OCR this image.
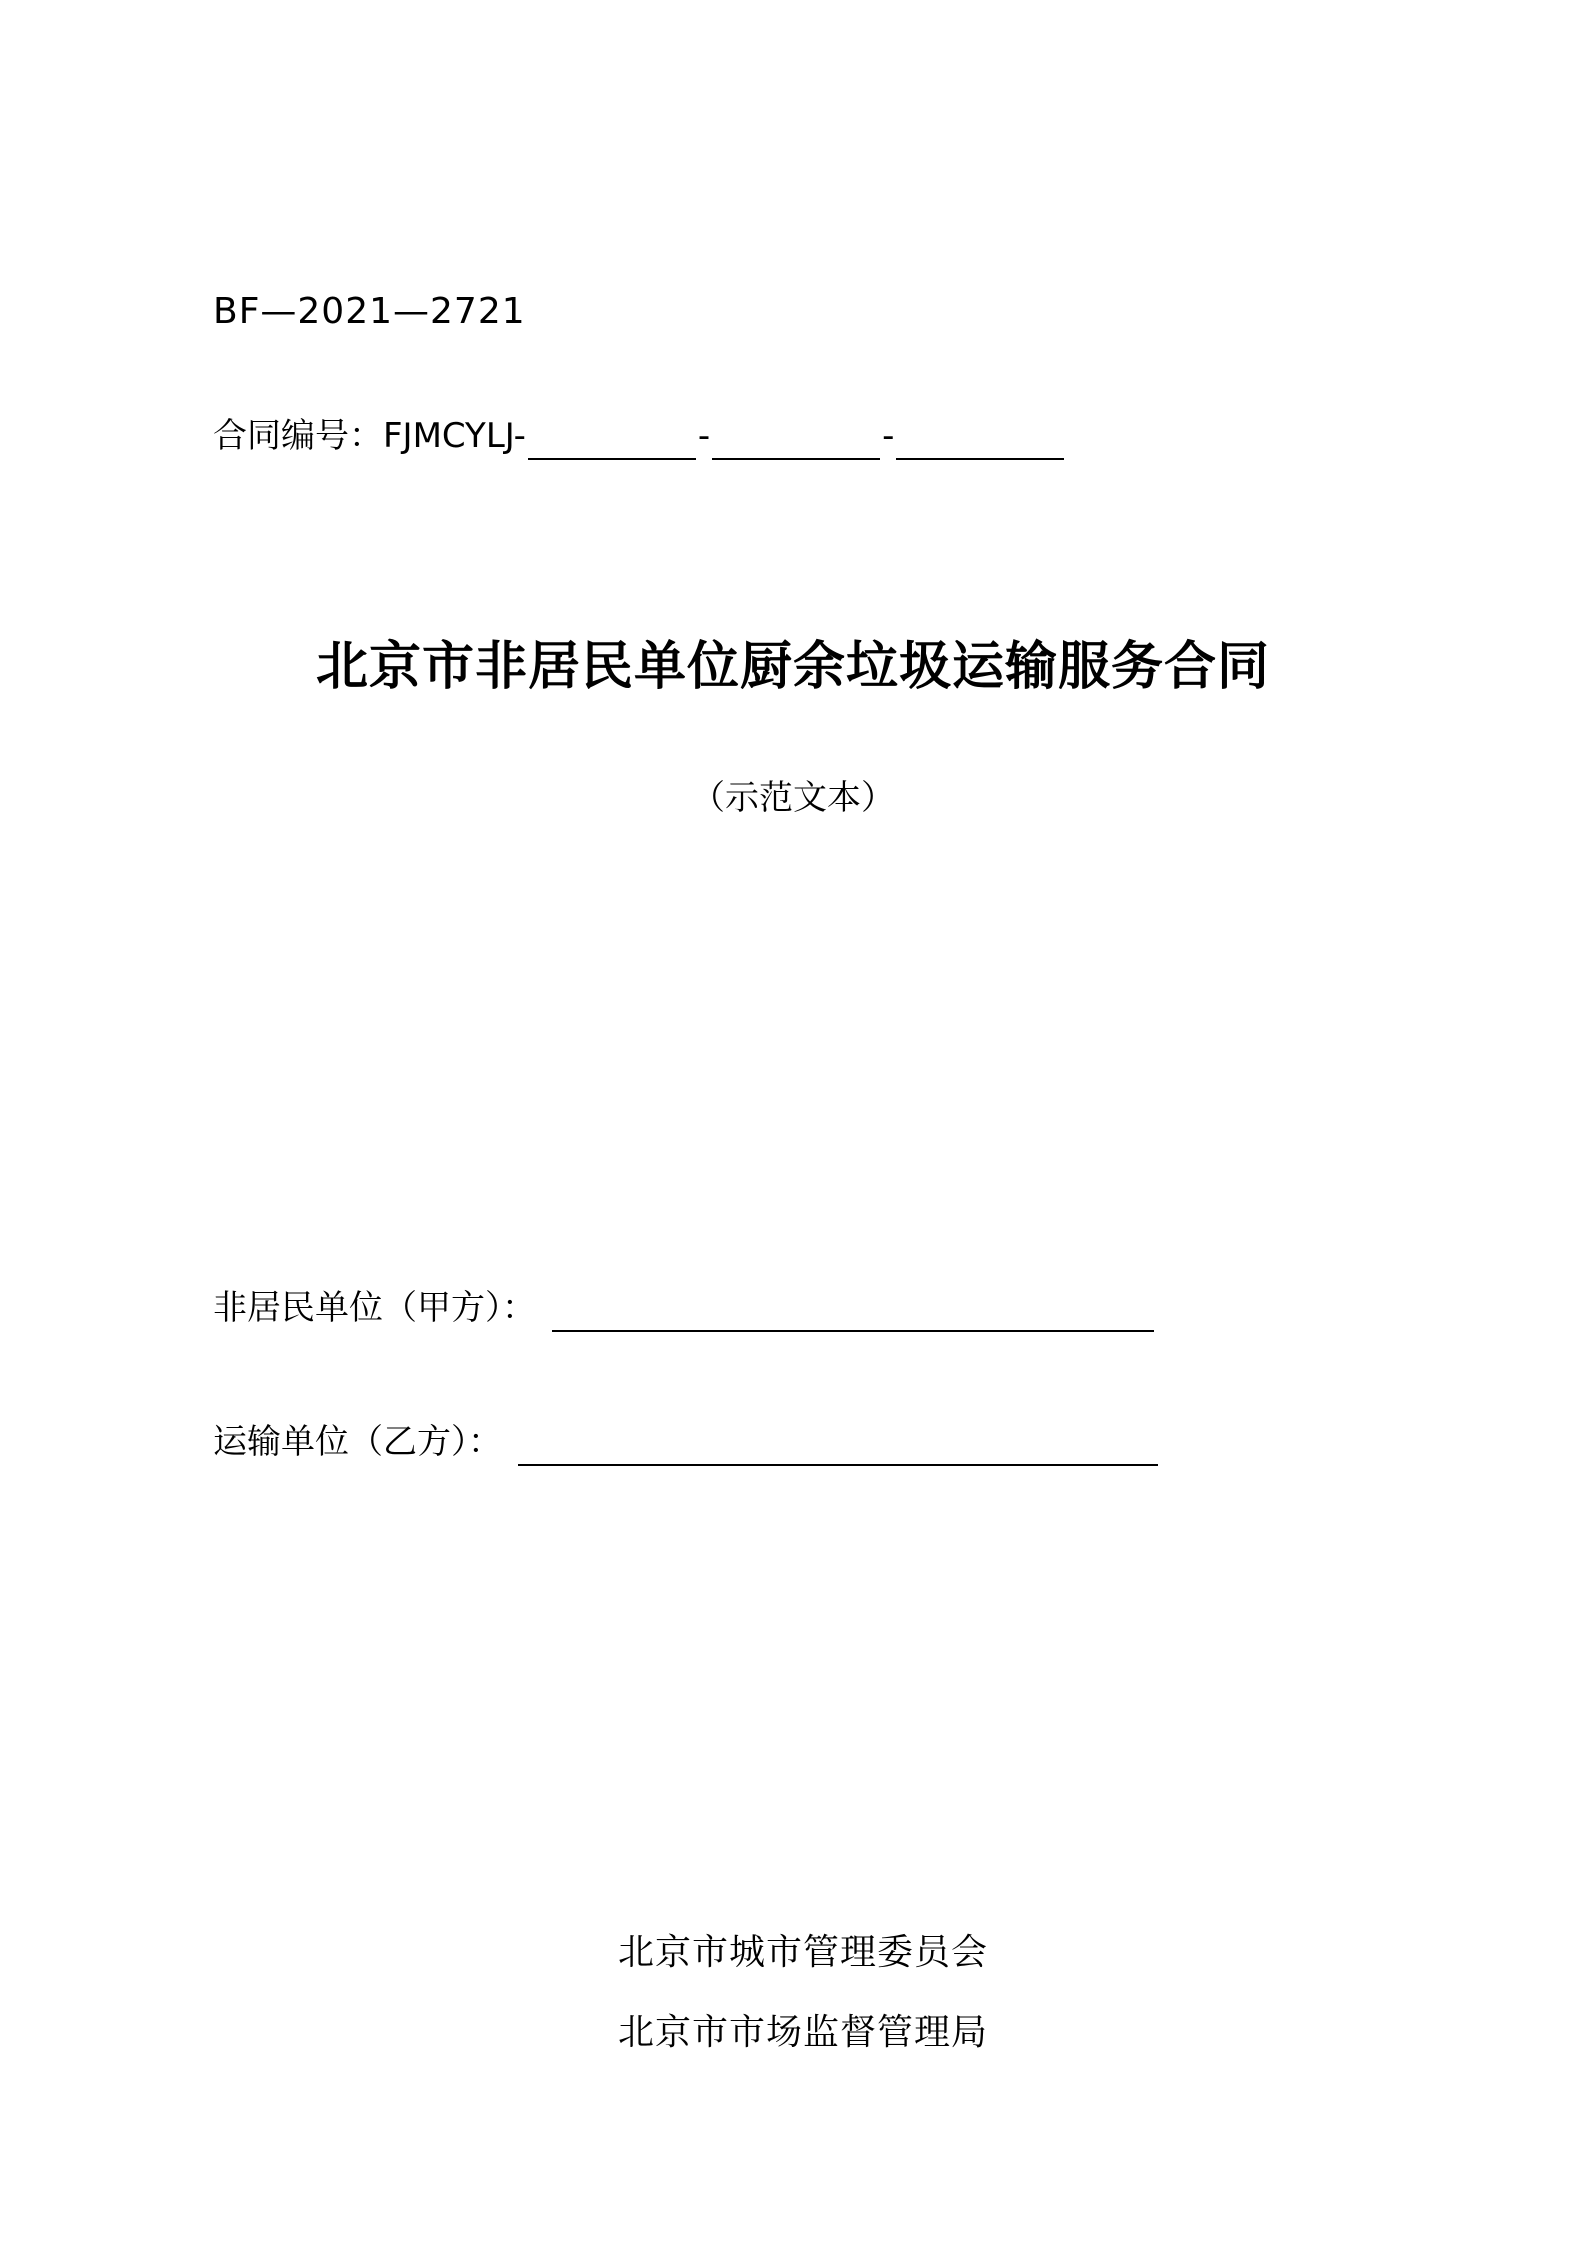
BF—2021—2721
合同编号：FJMCYLJ-	-	-
北京市非居民单位厨余垃圾运输服务合同
（示范文本）
非居民单位（甲方）：
运输单位（乙方）：
北京市城市管理委员会
北京市市场监督管理局
